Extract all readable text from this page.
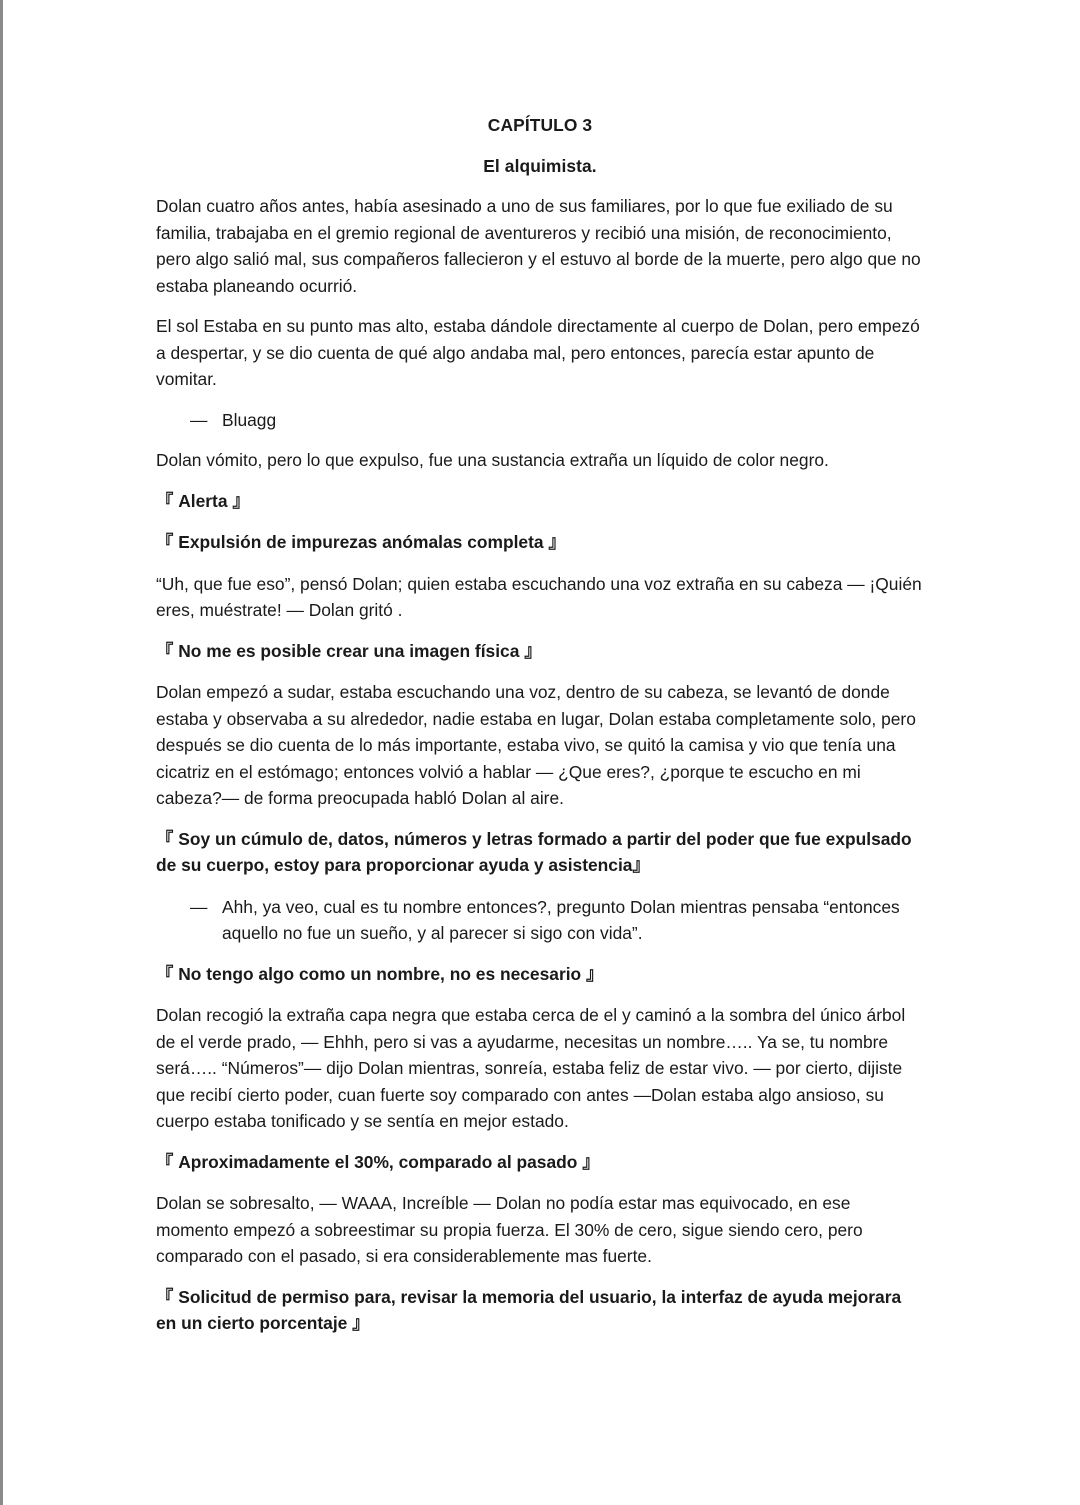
CAPÍTULO 3
El alquimista.

Dolan cuatro años antes, había asesinado a uno de sus familiares, por lo que fue exiliado de su familia, trabajaba en el gremio regional de aventureros y recibió una misión, de reconocimiento, pero algo salió mal, sus compañeros fallecieron y el estuvo al borde de la muerte, pero algo que no estaba planeando ocurrió.

El sol Estaba en su punto mas alto, estaba dándole directamente al cuerpo de Dolan, pero empezó a despertar, y se dio cuenta de qué algo andaba mal, pero entonces, parecía estar apunto de vomitar.

— Bluagg

Dolan vómito, pero lo que expulso, fue una sustancia extraña un líquido de color negro.

『 Alerta 』

『 Expulsión de impurezas anómalas completa 』

“Uh, que fue eso”, pensó Dolan; quien estaba escuchando una voz extraña en su cabeza — ¡Quién eres, muéstrate! — Dolan gritó .

『 No me es posible crear una imagen física 』

Dolan empezó a sudar, estaba escuchando una voz, dentro de su cabeza, se levantó de donde estaba y observaba a su alrededor, nadie estaba en lugar, Dolan estaba completamente solo, pero después se dio cuenta de lo más importante, estaba vivo, se quitó la camisa y vio que tenía una cicatriz en el estómago; entonces volvió a hablar — ¿Que eres?, ¿porque te escucho en mi cabeza?— de forma preocupada habló Dolan al aire.

『 Soy un cúmulo de, datos, números y letras formado a partir del poder que fue expulsado de su cuerpo, estoy para proporcionar ayuda y asistencia』

— Ahh, ya veo, cual es tu nombre entonces?, pregunto Dolan mientras pensaba “entonces aquello no fue un sueño, y al parecer si sigo con vida”.

『 No tengo algo como un nombre, no es necesario 』

Dolan recogió la extraña capa negra que estaba cerca de el y caminó a la sombra del único árbol de el verde prado, — Ehhh, pero si vas a ayudarme, necesitas un nombre….. Ya se, tu nombre será….. “Números”— dijo Dolan mientras, sonreía, estaba feliz de estar vivo. — por cierto, dijiste que recibí cierto poder, cuan fuerte soy comparado con antes —Dolan estaba algo ansioso, su cuerpo estaba tonificado y se sentía en mejor estado.

『 Aproximadamente el 30%, comparado al pasado 』

Dolan se sobresalto, — WAAA, Increíble — Dolan no podía estar mas equivocado, en ese momento empezó a sobreestimar su propia fuerza. El 30% de cero, sigue siendo cero, pero comparado con el pasado, si era considerablemente mas fuerte.

『 Solicitud de permiso para, revisar la memoria del usuario, la interfaz de ayuda mejorara en un cierto porcentaje 』
